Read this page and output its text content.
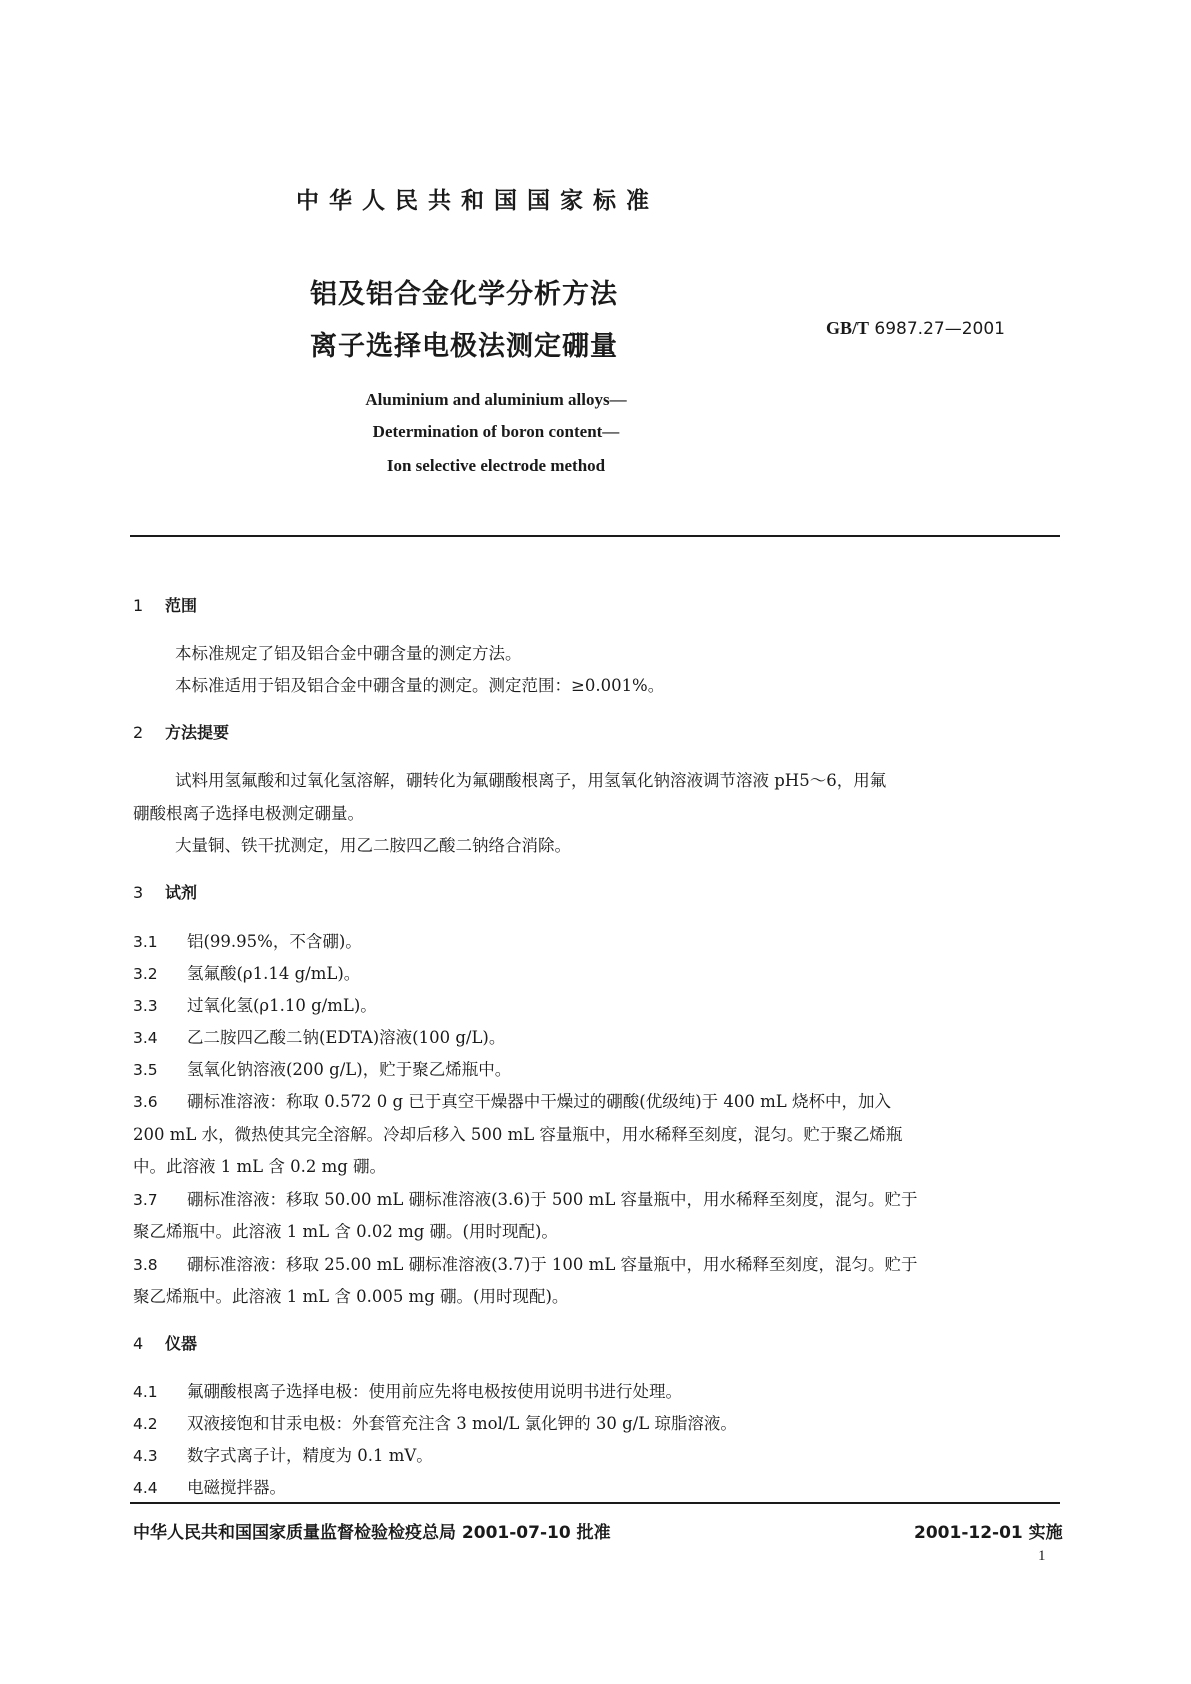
中华人民共和国国家标准
铝及铝合金化学分析方法
离子选择电极法测定硼量
GB/T 6987.27—2001
Aluminium and aluminium alloys—
Determination of boron content—
Ion selective electrode method
1 范围
本标准规定了铝及铝合金中硼含量的测定方法。
本标准适用于铝及铝合金中硼含量的测定。测定范围：≥0.001%。
2 方法提要
试料用氢氟酸和过氧化氢溶解，硼转化为氟硼酸根离子，用氢氧化钠溶液调节溶液 pH5～6，用氟
硼酸根离子选择电极测定硼量。
大量铜、铁干扰测定，用乙二胺四乙酸二钠络合消除。
3 试剂
3.1 铝(99.95%，不含硼)。
3.2 氢氟酸(ρ1.14 g/mL)。
3.3 过氧化氢(ρ1.10 g/mL)。
3.4 乙二胺四乙酸二钠(EDTA)溶液(100 g/L)。
3.5 氢氧化钠溶液(200 g/L)，贮于聚乙烯瓶中。
3.6 硼标准溶液：称取 0.572 0 g 已于真空干燥器中干燥过的硼酸(优级纯)于 400 mL 烧杯中，加入
200 mL 水，微热使其完全溶解。冷却后移入 500 mL 容量瓶中，用水稀释至刻度，混匀。贮于聚乙烯瓶
中。此溶液 1 mL 含 0.2 mg 硼。
3.7 硼标准溶液：移取 50.00 mL 硼标准溶液(3.6)于 500 mL 容量瓶中，用水稀释至刻度，混匀。贮于
聚乙烯瓶中。此溶液 1 mL 含 0.02 mg 硼。(用时现配)。
3.8 硼标准溶液：移取 25.00 mL 硼标准溶液(3.7)于 100 mL 容量瓶中，用水稀释至刻度，混匀。贮于
聚乙烯瓶中。此溶液 1 mL 含 0.005 mg 硼。(用时现配)。
4 仪器
4.1 氟硼酸根离子选择电极：使用前应先将电极按使用说明书进行处理。
4.2 双液接饱和甘汞电极：外套管充注含 3 mol/L 氯化钾的 30 g/L 琼脂溶液。
4.3 数字式离子计，精度为 0.1 mV。
4.4 电磁搅拌器。
中华人民共和国国家质量监督检验检疫总局 2001-07-10 批准	2001-12-01 实施
1
